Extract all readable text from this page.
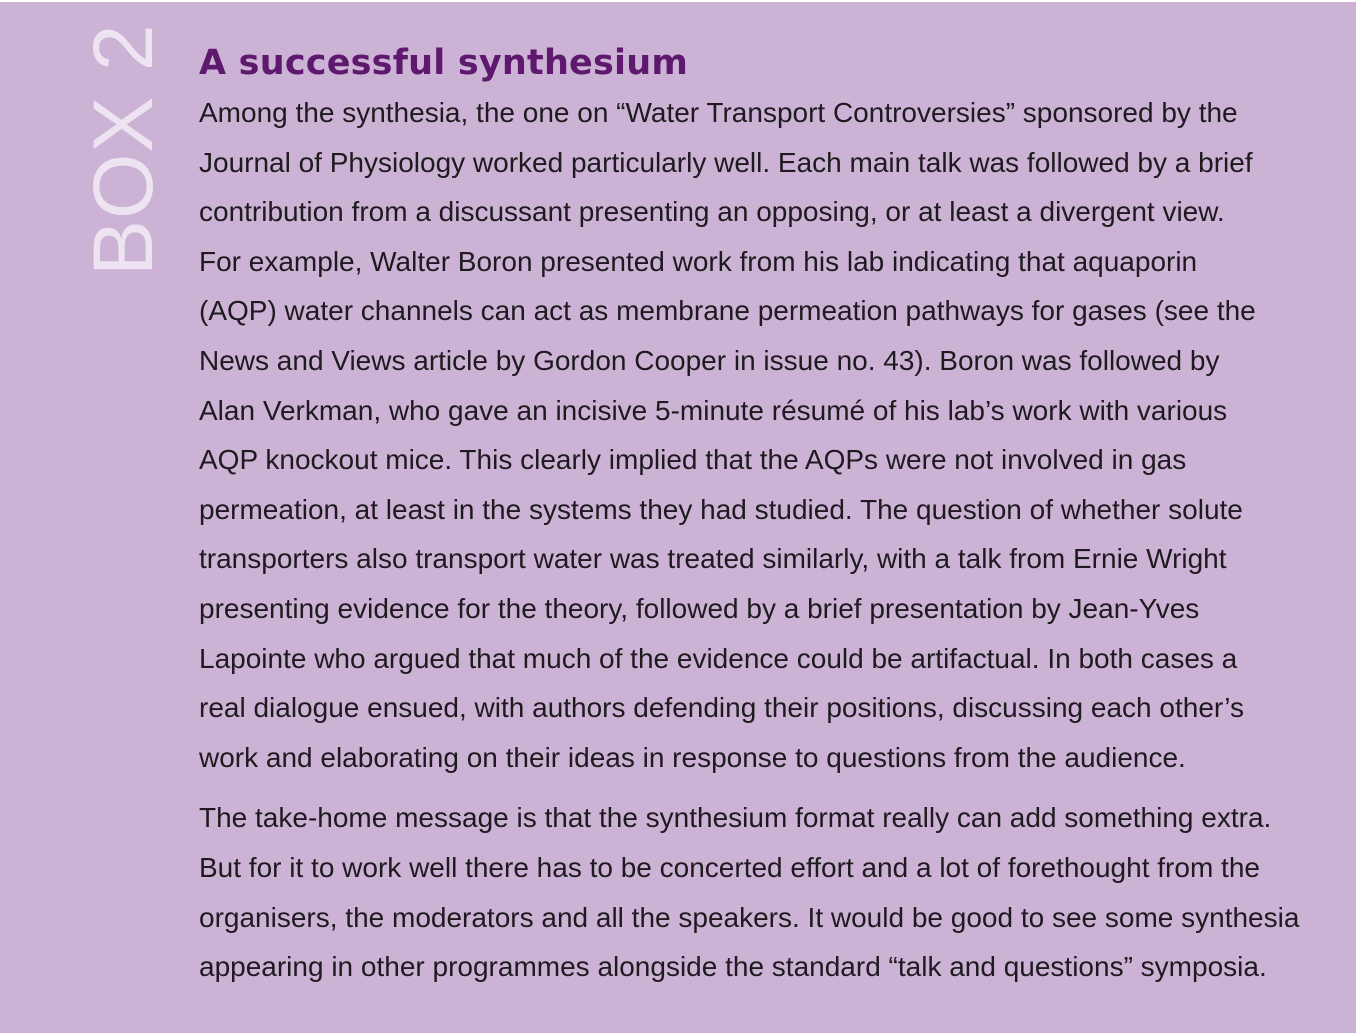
BOX 2 A successful synthesium

Among the synthesia, the one on “Water Transport Controversies” sponsored by the
Journal of Physiology worked particularly well. Each main talk was followed by a brief
contribution from a discussant presenting an opposing, or at least a divergent view.
For example, Walter Boron presented work from his lab indicating that aquaporin
(AQP) water channels can act as membrane permeation pathways for gases (see the
News and Views article by Gordon Cooper in issue no. 43). Boron was followed by
Alan Verkman, who gave an incisive 5-minute résumé of his lab’s work with various
AQP knockout mice. This clearly implied that the AQPs were not involved in gas
permeation, at least in the systems they had studied. The question of whether solute
transporters also transport water was treated similarly, with a talk from Ernie Wright
presenting evidence for the theory, followed by a brief presentation by Jean-Yves
Lapointe who argued that much of the evidence could be artifactual. In both cases a
real dialogue ensued, with authors defending their positions, discussing each other’s
work and elaborating on their ideas in response to questions from the audience.

The take-home message is that the synthesium format really can add something extra.
But for it to work well there has to be concerted effort and a lot of forethought from the
organisers, the moderators and all the speakers. It would be good to see some synthesia
appearing in other programmes alongside the standard “talk and questions” symposia.
